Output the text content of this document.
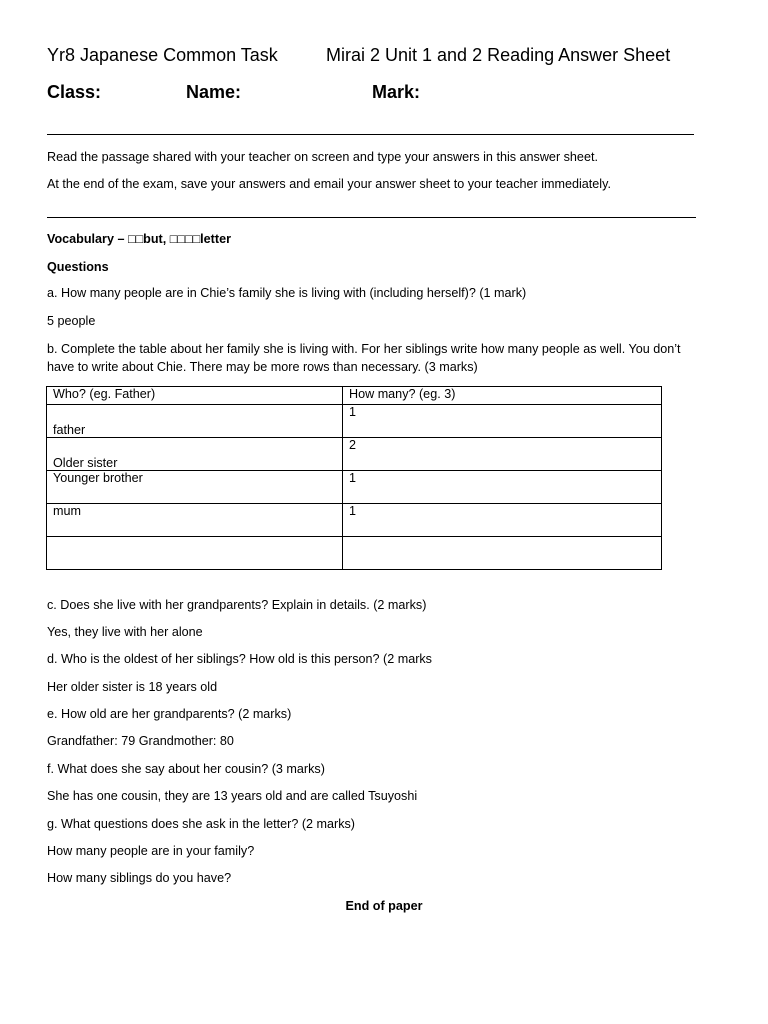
Yr8 Japanese Common Task	Mirai 2 Unit 1 and 2 Reading Answer Sheet
Class:	Name:	Mark:
Read the passage shared with your teacher on screen and type your answers in this answer sheet.
At the end of the exam, save your answers and email your answer sheet to your teacher immediately.
Vocabulary – □□but, □□□□letter
Questions
a. How many people are in Chie’s family she is living with (including herself)? (1 mark)
5 people
b. Complete the table about her family she is living with. For her siblings write how many people as well. You don’t
have to write about Chie. There may be more rows than necessary. (3 marks)
Who? (eg. Father)	How many? (eg. 3)
father	1
Older sister	2
Younger brother	1
mum	1

c. Does she live with her grandparents? Explain in details. (2 marks)
Yes, they live with her alone
d. Who is the oldest of her siblings? How old is this person? (2 marks
Her older sister is 18 years old
e. How old are her grandparents? (2 marks)
Grandfather: 79 Grandmother: 80
f. What does she say about her cousin? (3 marks)
She has one cousin, they are 13 years old and are called Tsuyoshi
g. What questions does she ask in the letter? (2 marks)
How many people are in your family?
How many siblings do you have?
End of paper
